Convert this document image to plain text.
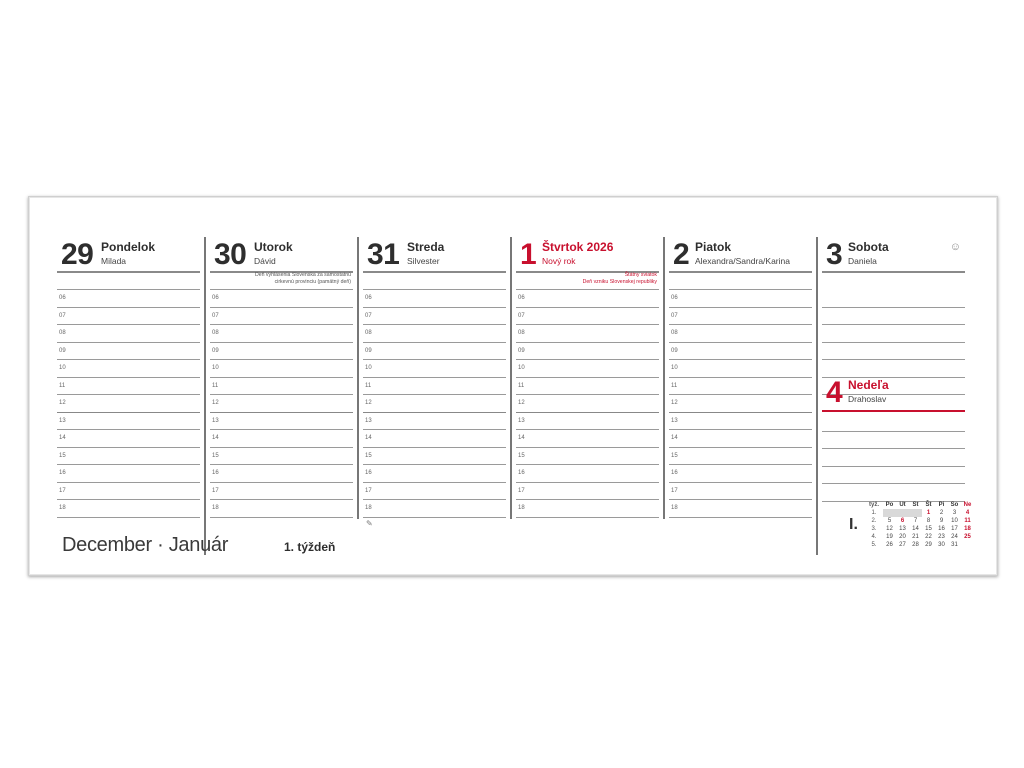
29 Pondelok
Milada
06
07
08
09
10
11
12
13
14
15
16
17
18
30 Utorok
Dávid
Deň vyhlásenia Slovenska za samostatnú
cirkevnú provinciu (pamätný deň)
06
07
08
09
10
11
12
13
14
15
16
17
18
31 Streda
Silvester
06
07
08
09
10
11
12
13
14
15
16
17
18
1 Štvrtok 2026
Nový rok
Štátny sviatok
Deň vzniku Slovenskej republiky
06
07
08
09
10
11
12
13
14
15
16
17
18
2 Piatok
Alexandra/Sandra/Karina
06
07
08
09
10
11
12
13
14
15
16
17
18
3 Sobota
Daniela
☺
4 Nedeľa
Drahoslav
December · Január	1. týždeň
✎	I.
týž.	Po	Ut	St	Št	Pi	So	Ne
1.				1	2	3	4
2.	5	6	7	8	9	10	11
3.	12	13	14	15	16	17	18
4.	19	20	21	22	23	24	25
5.	26	27	28	29	30	31	
